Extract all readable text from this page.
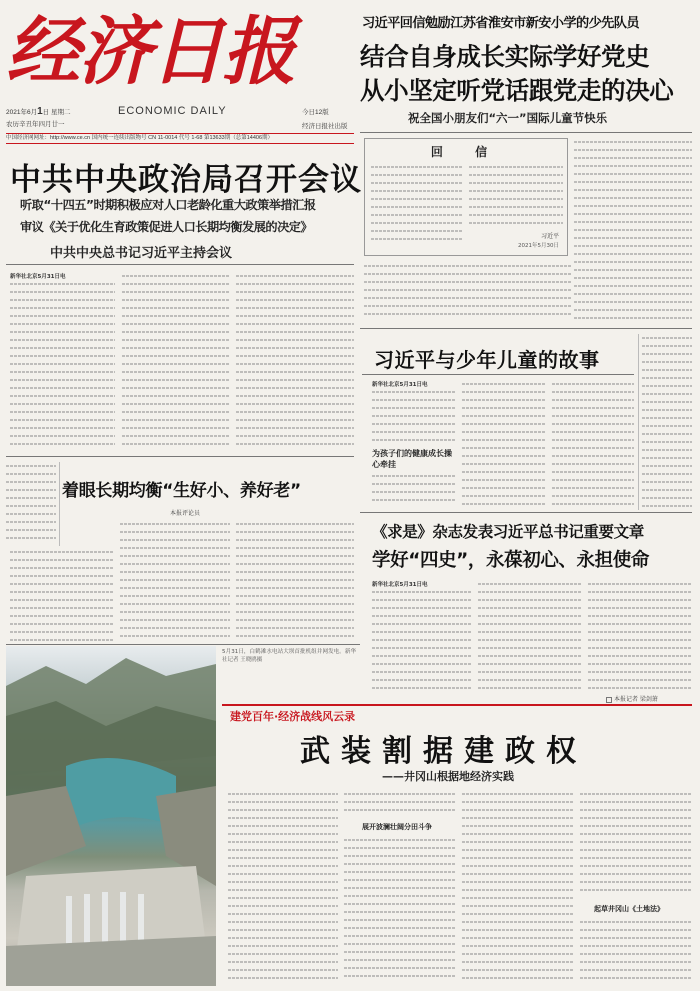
经济日报
2021年6月1日 星期二
农历辛丑年四月廿一
ECONOMIC DAILY	今日12版
经济日报社出版
中国经济网网址：http://www.ce.cn 国内统一连续出版物号 CN 11-0014 代号 1-68 第13633期（总第14406期）
习近平回信勉励江苏省淮安市新安小学的少先队员
结合自身成长实际学好党史
从小坚定听党话跟党走的决心
祝全国小朋友们“六一”国际儿童节快乐
回 信
习近平
2021年5月30日
中共中央政治局召开会议
听取“十四五”时期积极应对人口老龄化重大政策举措汇报
审议《关于优化生育政策促进人口长期均衡发展的决定》
中共中央总书记习近平主持会议
新华社北京5月31日电
着眼长期均衡“生好小、养好老”
本报评论员
习近平与少年儿童的故事
新华社北京5月31日电
为孩子们的健康成长操心牵挂
《求是》杂志发表习近平总书记重要文章
学好“四史”，永葆初心、永担使命
新华社北京5月31日电
本报记者 梁剑箫
5月31日，白鹤滩水电站大坝首批机组并网发电。新华社记者 王晓鸥摄
建党百年·经济战线风云录
武装割据建政权
——井冈山根据地经济实践
展开波澜壮阔分田斗争
起草井冈山《土地法》
